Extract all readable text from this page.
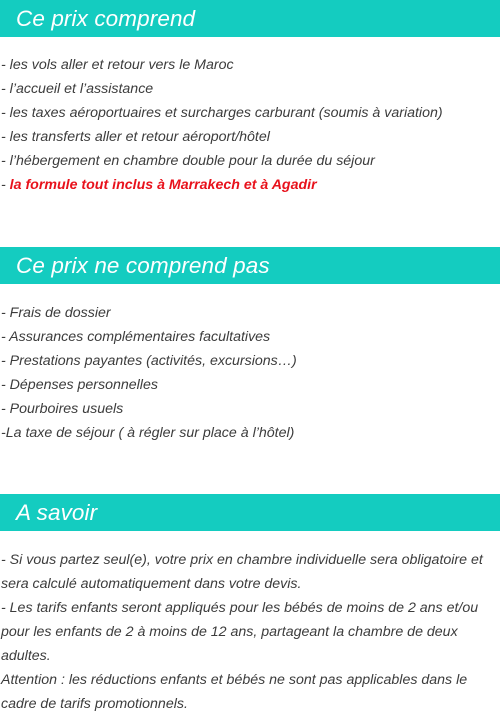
Ce prix comprend
- les vols aller et retour vers le Maroc
- l’accueil et l’assistance
- les taxes aéroportuaires et surcharges carburant (soumis à variation)
- les transferts aller et retour aéroport/hôtel
- l’hébergement en chambre double pour la durée du séjour
- la formule tout inclus à Marrakech et à Agadir
Ce prix ne comprend pas
- Frais de dossier
- Assurances complémentaires facultatives
- Prestations payantes (activités, excursions…)
- Dépenses personnelles
- Pourboires usuels
-La taxe de séjour ( à régler sur place à l’hôtel)
A savoir

- Si vous partez seul(e), votre prix en chambre individuelle sera obligatoire et sera calculé automatiquement dans votre devis.

- Les tarifs enfants seront appliqués pour les bébés de moins de 2 ans et/ou pour les enfants de 2 à moins de 12 ans, partageant la chambre de deux adultes.

Attention : les réductions enfants et bébés ne sont pas applicables dans le cadre de tarifs promotionnels.
